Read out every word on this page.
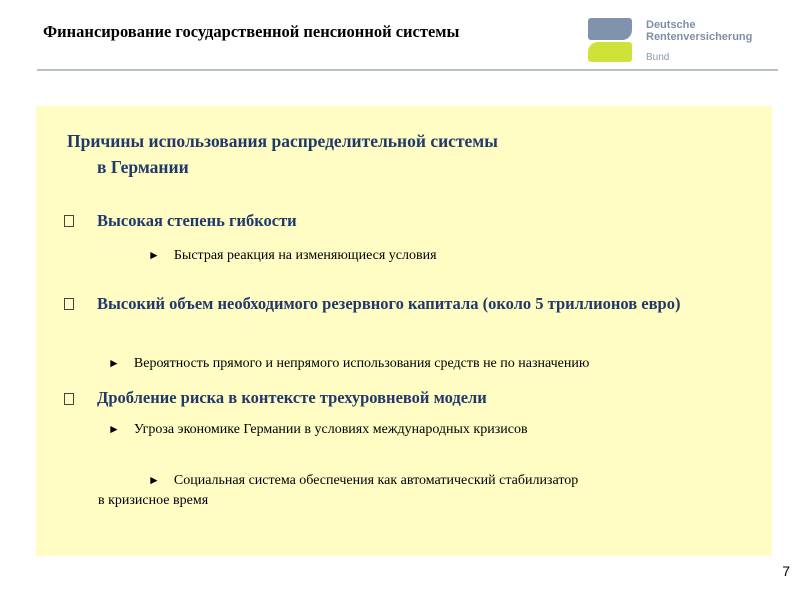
Финансирование государственной пенсионной системы	Deutsche
Rentenversicherung
Bund
Причины использования распределительной системы
в Германии
Высокая степень гибкости
► Быстрая реакция на изменяющиеся условия
Высокий объем необходимого резервного капитала (около 5 триллионов евро)
► Вероятность прямого и непрямого использования средств не по назначению
Дробление риска в контексте трехуровневой модели
► Угроза экономике Германии в условиях международных кризисов
► Социальная система обеспечения как автоматический стабилизатор
в кризисное время
7
